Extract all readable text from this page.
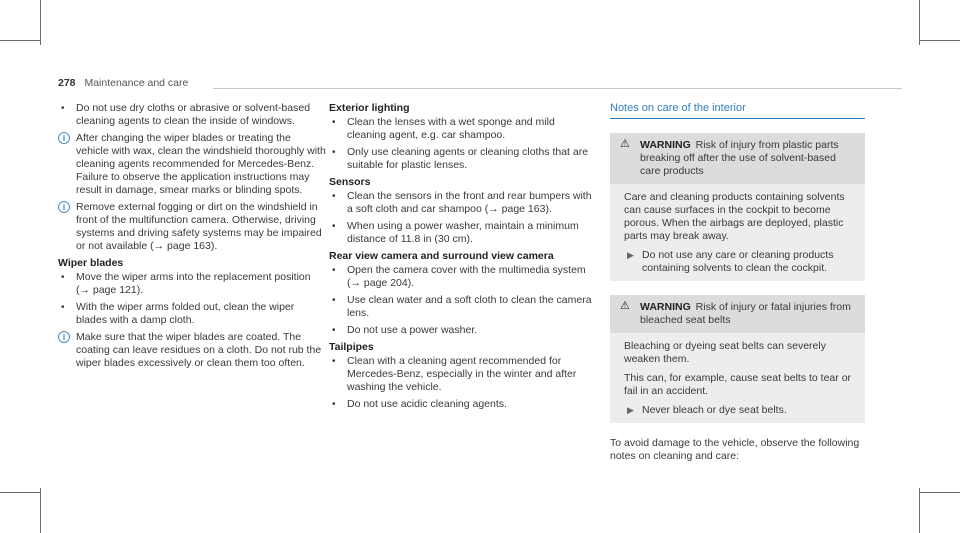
278 Maintenance and care
• Do not use dry cloths or abrasive or solvent-based cleaning agents to clean the inside of windows.
i	After changing the wiper blades or treating the vehicle with wax, clean the windshield thoroughly with cleaning agents recommended for Mercedes-Benz. Failure to observe the application instructions may result in damage, smear marks or blinding spots.
i	Remove external fogging or dirt on the windshield in front of the multifunction camera. Otherwise, driving systems and driving safety systems may be impaired or not available (→ page 163).
Wiper blades
• Move the wiper arms into the replacement position (→ page 121).
• With the wiper arms folded out, clean the wiper blades with a damp cloth.
i	Make sure that the wiper blades are coated. The coating can leave residues on a cloth. Do not rub the wiper blades excessively or clean them too often.
Exterior lighting
• Clean the lenses with a wet sponge and mild cleaning agent, e.g. car shampoo.
• Only use cleaning agents or cleaning cloths that are suitable for plastic lenses.
Sensors
• Clean the sensors in the front and rear bumpers with a soft cloth and car shampoo (→ page 163).
• When using a power washer, maintain a minimum distance of 11.8 in (30 cm).
Rear view camera and surround view camera
• Open the camera cover with the multimedia system (→ page 204).
• Use clean water and a soft cloth to clean the camera lens.
• Do not use a power washer.
Tailpipes
• Clean with a cleaning agent recommended for Mercedes-Benz, especially in the winter and after washing the vehicle.
• Do not use acidic cleaning agents.
Notes on care of the interior
⚠ WARNING Risk of injury from plastic parts breaking off after the use of solvent-based care products

Care and cleaning products containing solvents can cause surfaces in the cockpit to become porous. When the airbags are deployed, plastic parts may break away.

▶ Do not use any care or cleaning products containing solvents to clean the cockpit.
⚠ WARNING Risk of injury or fatal injuries from bleached seat belts

Bleaching or dyeing seat belts can severely weaken them.

This can, for example, cause seat belts to tear or fail in an accident.

▶ Never bleach or dye seat belts.
To avoid damage to the vehicle, observe the following notes on cleaning and care:
